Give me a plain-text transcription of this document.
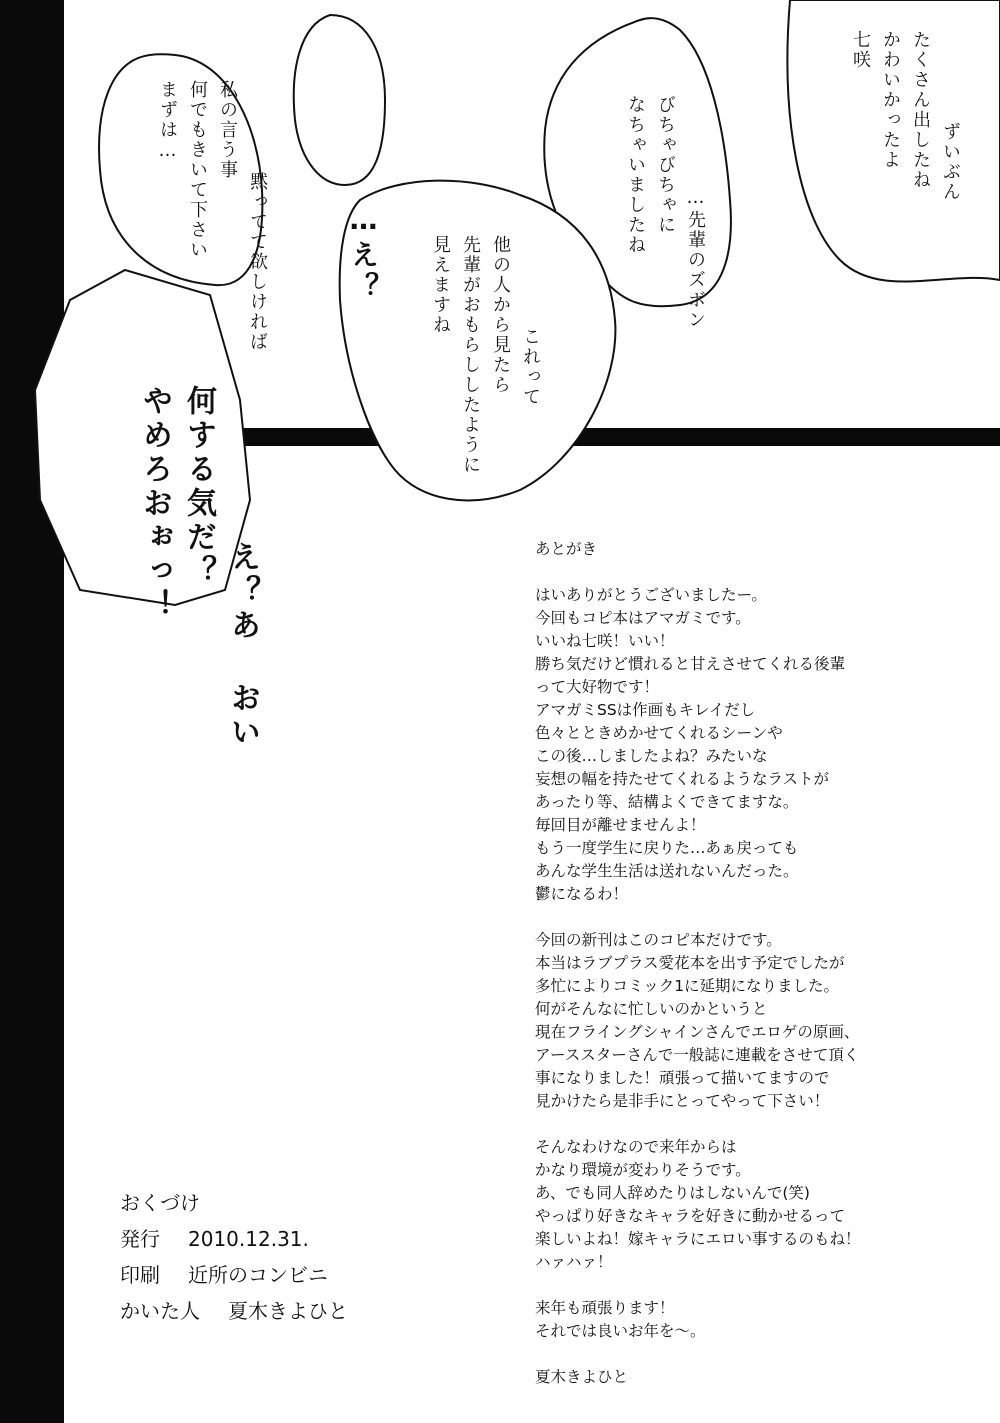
ずいぶん
たくさん出したね
かわいかったよ
七咲

…先輩のズボン
びちゃびちゃに
なちゃいましたね

…え？

黙ってて欲しければ
私の言う事
何でもきいて下さい
まずは…

これって
他の人から見たら
先輩がおもらししたように
見えますね

え？あ おい
何する気だ？
やめろおぉっ！
	あとがき
はいありがとうございましたー。
今回もコピ本はアマガミです。
いいね七咲！いい！
勝ち気だけど慣れると甘えさせてくれる後輩
って大好物です！
アマガミSSは作画もキレイだし
色々とときめかせてくれるシーンや
この後…しましたよね？みたいな
妄想の幅を持たせてくれるようなラストが
あったり等、結構よくできてますな。
毎回目が離せませんよ！
もう一度学生に戻りた…あぁ戻っても
あんな学生生活は送れないんだった。
鬱になるわ！
今回の新刊はこのコピ本だけです。
本当はラブプラス愛花本を出す予定でしたが
多忙によりコミック1に延期になりました。
何がそんなに忙しいのかというと
現在フライングシャインさんでエロゲの原画、
アーススターさんで一般誌に連載をさせて頂く
事になりました！頑張って描いてますので
見かけたら是非手にとってやって下さい！
そんなわけなので来年からは
かなり環境が変わりそうです。
あ、でも同人辞めたりはしないんで(笑)
やっぱり好きなキャラを好きに動かせるって
楽しいよね！嫁キャラにエロい事するのもね！
ハァハァ！
来年も頑張ります！
それでは良いお年を～。
夏木きよひと
おくづけ
発行 2010.12.31.
印刷 近所のコンビニ
かいた人 夏木きよひと
